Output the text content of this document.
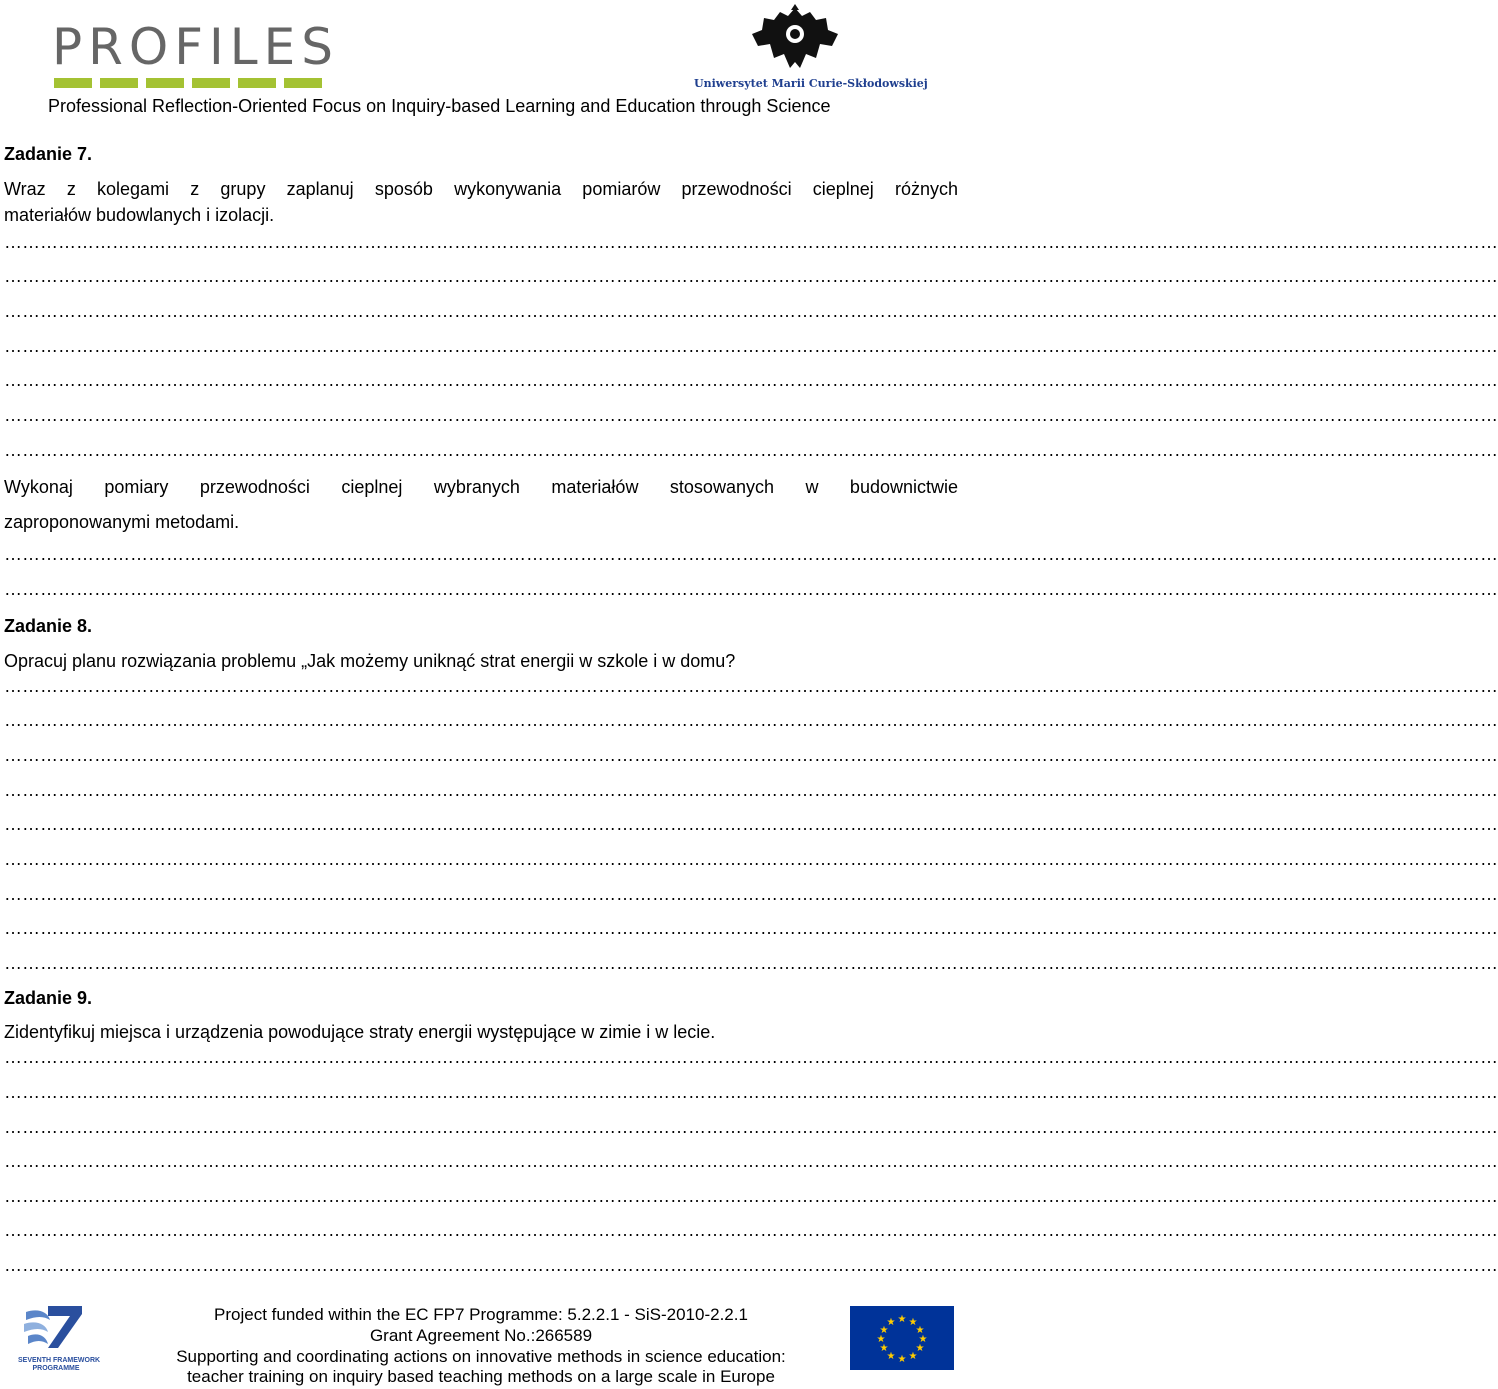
PROFILES
Uniwersytet Marii Curie-Skłodowskiej
Professional Reflection-Oriented Focus on Inquiry-based Learning and Education through Science
Zadanie 7.
Wraz z kolegami z grupy zaplanuj sposób wykonywania pomiarów przewodności cieplnej różnych
materiałów budowlanych i izolacji.
……………………………………………………………………………………………………………………………………………………………………………………………………………………………
……………………………………………………………………………………………………………………………………………………………………………………………………………………………
……………………………………………………………………………………………………………………………………………………………………………………………………………………………
……………………………………………………………………………………………………………………………………………………………………………………………………………………………
……………………………………………………………………………………………………………………………………………………………………………………………………………………………
……………………………………………………………………………………………………………………………………………………………………………………………………………………………
……………………………………………………………………………………………………………………………………………………………………………………………………………………………
Wykonaj pomiary przewodności cieplnej wybranych materiałów stosowanych w budownictwie
zaproponowanymi metodami.
……………………………………………………………………………………………………………………………………………………………………………………………………………………………
……………………………………………………………………………………………………………………………………………………………………………………………………………………………
Zadanie 8.
Opracuj planu rozwiązania problemu „Jak możemy uniknąć strat energii w szkole i w domu?
……………………………………………………………………………………………………………………………………………………………………………………………………………………………
……………………………………………………………………………………………………………………………………………………………………………………………………………………………
……………………………………………………………………………………………………………………………………………………………………………………………………………………………
……………………………………………………………………………………………………………………………………………………………………………………………………………………………
……………………………………………………………………………………………………………………………………………………………………………………………………………………………
……………………………………………………………………………………………………………………………………………………………………………………………………………………………
……………………………………………………………………………………………………………………………………………………………………………………………………………………………
……………………………………………………………………………………………………………………………………………………………………………………………………………………………
……………………………………………………………………………………………………………………………………………………………………………………………………………………………
Zadanie 9.
Zidentyfikuj miejsca i urządzenia powodujące straty energii występujące w zimie i w lecie.
……………………………………………………………………………………………………………………………………………………………………………………………………………………………
……………………………………………………………………………………………………………………………………………………………………………………………………………………………
……………………………………………………………………………………………………………………………………………………………………………………………………………………………
……………………………………………………………………………………………………………………………………………………………………………………………………………………………
……………………………………………………………………………………………………………………………………………………………………………………………………………………………
……………………………………………………………………………………………………………………………………………………………………………………………………………………………
……………………………………………………………………………………………………………………………………………………………………………………………………………………………
SEVENTH FRAMEWORK
PROGRAMME
Project funded within the EC FP7 Programme: 5.2.2.1 - SiS-2010-2.2.1
Grant Agreement No.:266589
Supporting and coordinating actions on innovative methods in science education:
teacher training on inquiry based teaching methods on a large scale in Europe
★ ★
★
★
★
★
★
★
★
★
★
★
